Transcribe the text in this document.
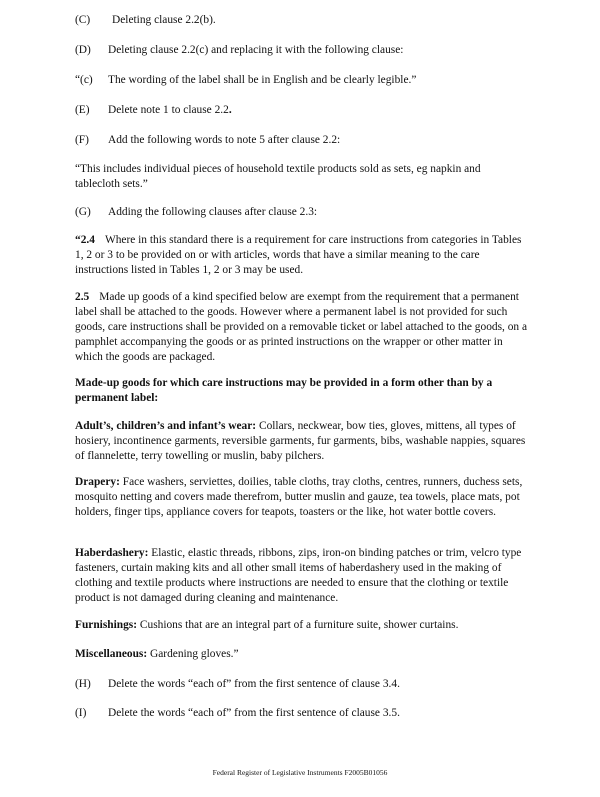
(C) Deleting clause 2.2(b).
(D) Deleting clause 2.2(c) and replacing it with the following clause:
“(c) The wording of the label shall be in English and be clearly legible.”
(E) Delete note 1 to clause 2.2.
(F) Add the following words to note 5 after clause 2.2:
“This includes individual pieces of household textile products sold as sets, eg napkin and tablecloth sets.”
(G) Adding the following clauses after clause 2.3:
“2.4 Where in this standard there is a requirement for care instructions from categories in Tables 1, 2 or 3 to be provided on or with articles, words that have a similar meaning to the care instructions listed in Tables 1, 2 or 3 may be used.
2.5 Made up goods of a kind specified below are exempt from the requirement that a permanent label shall be attached to the goods. However where a permanent label is not provided for such goods, care instructions shall be provided on a removable ticket or label attached to the goods, on a pamphlet accompanying the goods or as printed instructions on the wrapper or other matter in which the goods are packaged.
Made-up goods for which care instructions may be provided in a form other than by a permanent label:
Adult’s, children’s and infant’s wear: Collars, neckwear, bow ties, gloves, mittens, all types of hosiery, incontinence garments, reversible garments, fur garments, bibs, washable nappies, squares of flannelette, terry towelling or muslin, baby pilchers.
Drapery: Face washers, serviettes, doilies, table cloths, tray cloths, centres, runners, duchess sets, mosquito netting and covers made therefrom, butter muslin and gauze, tea towels, place mats, pot holders, finger tips, appliance covers for teapots, toasters or the like, hot water bottle covers.
Haberdashery: Elastic, elastic threads, ribbons, zips, iron-on binding patches or trim, velcro type fasteners, curtain making kits and all other small items of haberdashery used in the making of clothing and textile products where instructions are needed to ensure that the clothing or textile product is not damaged during cleaning and maintenance.
Furnishings: Cushions that are an integral part of a furniture suite, shower curtains.
Miscellaneous: Gardening gloves.”
(H) Delete the words “each of” from the first sentence of clause 3.4.
(I) Delete the words “each of” from the first sentence of clause 3.5.
Federal Register of Legislative Instruments F2005B01056
